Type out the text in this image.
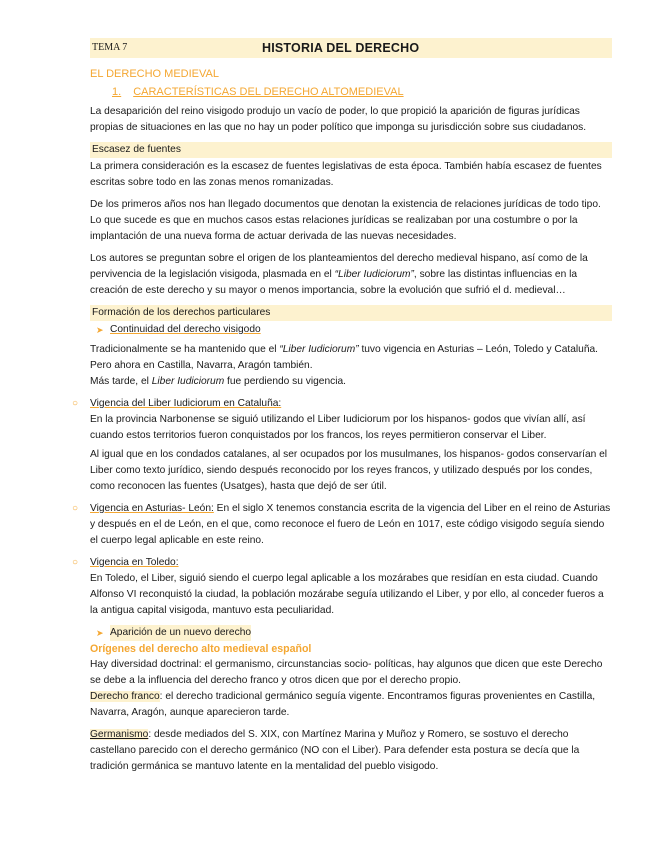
TEMA 7	HISTORIA DEL DERECHO
EL DERECHO MEDIEVAL
1. CARACTERÍSTICAS DEL DERECHO ALTOMEDIEVAL

La desaparición del reino visigodo produjo un vacío de poder, lo que propició la aparición de figuras jurídicas propias de situaciones en las que no hay un poder político que imponga su jurisdicción sobre sus ciudadanos.

Escasez de fuentes

La primera consideración es la escasez de fuentes legislativas de esta época. También había escasez de fuentes escritas sobre todo en las zonas menos romanizadas.

De los primeros años nos han llegado documentos que denotan la existencia de relaciones jurídicas de todo tipo. Lo que sucede es que en muchos casos estas relaciones jurídicas se realizaban por una costumbre o por la implantación de una nueva forma de actuar derivada de las nuevas necesidades.

Los autores se preguntan sobre el origen de los planteamientos del derecho medieval hispano, así como de la pervivencia de la legislación visigoda, plasmada en el “Liber Iudiciorum”, sobre las distintas influencias en la creación de este derecho y su mayor o menos importancia, sobre la evolución que sufrió el d. medieval…

Formación de los derechos particulares
➤ Continuidad del derecho visigodo
Tradicionalmente se ha mantenido que el “Liber Iudiciorum” tuvo vigencia en Asturias – León, Toledo y Cataluña. Pero ahora en Castilla, Navarra, Aragón también.

Más tarde, el Liber Iudiciorum fue perdiendo su vigencia.

○ Vigencia del Liber Iudiciorum en Cataluña:

En la provincia Narbonense se siguió utilizando el Liber Iudiciorum por los hispanos- godos que vivían allí, así cuando estos territorios fueron conquistados por los francos, los reyes permitieron conservar el Liber.

Al igual que en los condados catalanes, al ser ocupados por los musulmanes, los hispanos- godos conservarían el Liber como texto jurídico, siendo después reconocido por los reyes francos, y utilizado después por los condes, como reconocen las fuentes (Usatges), hasta que dejó de ser útil.

○ Vigencia en Asturias- León: En el siglo X tenemos constancia escrita de la vigencia del Liber en el reino de Asturias y después en el de León, en el que, como reconoce el fuero de León en 1017, este código visigodo seguía siendo el cuerpo legal aplicable en este reino.
○ Vigencia en Toledo:
En Toledo, el Liber, siguió siendo el cuerpo legal aplicable a los mozárabes que residían en esta ciudad. Cuando Alfonso VI reconquistó la ciudad, la población mozárabe seguía utilizando el Liber, y por ello, al conceder fueros a la antigua capital visigoda, mantuvo esta peculiaridad.
➤ Aparición de un nuevo derecho
Orígenes del derecho alto medieval español

Hay diversidad doctrinal: el germanismo, circunstancias socio- políticas, hay algunos que dicen que este Derecho se debe a la influencia del derecho franco y otros dicen que por el derecho propio.

Derecho franco: el derecho tradicional germánico seguía vigente. Encontramos figuras provenientes en Castilla, Navarra, Aragón, aunque aparecieron tarde.

Germanismo: desde mediados del S. XIX, con Martínez Marina y Muñoz y Romero, se sostuvo el derecho castellano parecido con el derecho germánico (NO con el Liber). Para defender esta postura se decía que la tradición germánica se mantuvo latente en la mentalidad del pueblo visigodo.
